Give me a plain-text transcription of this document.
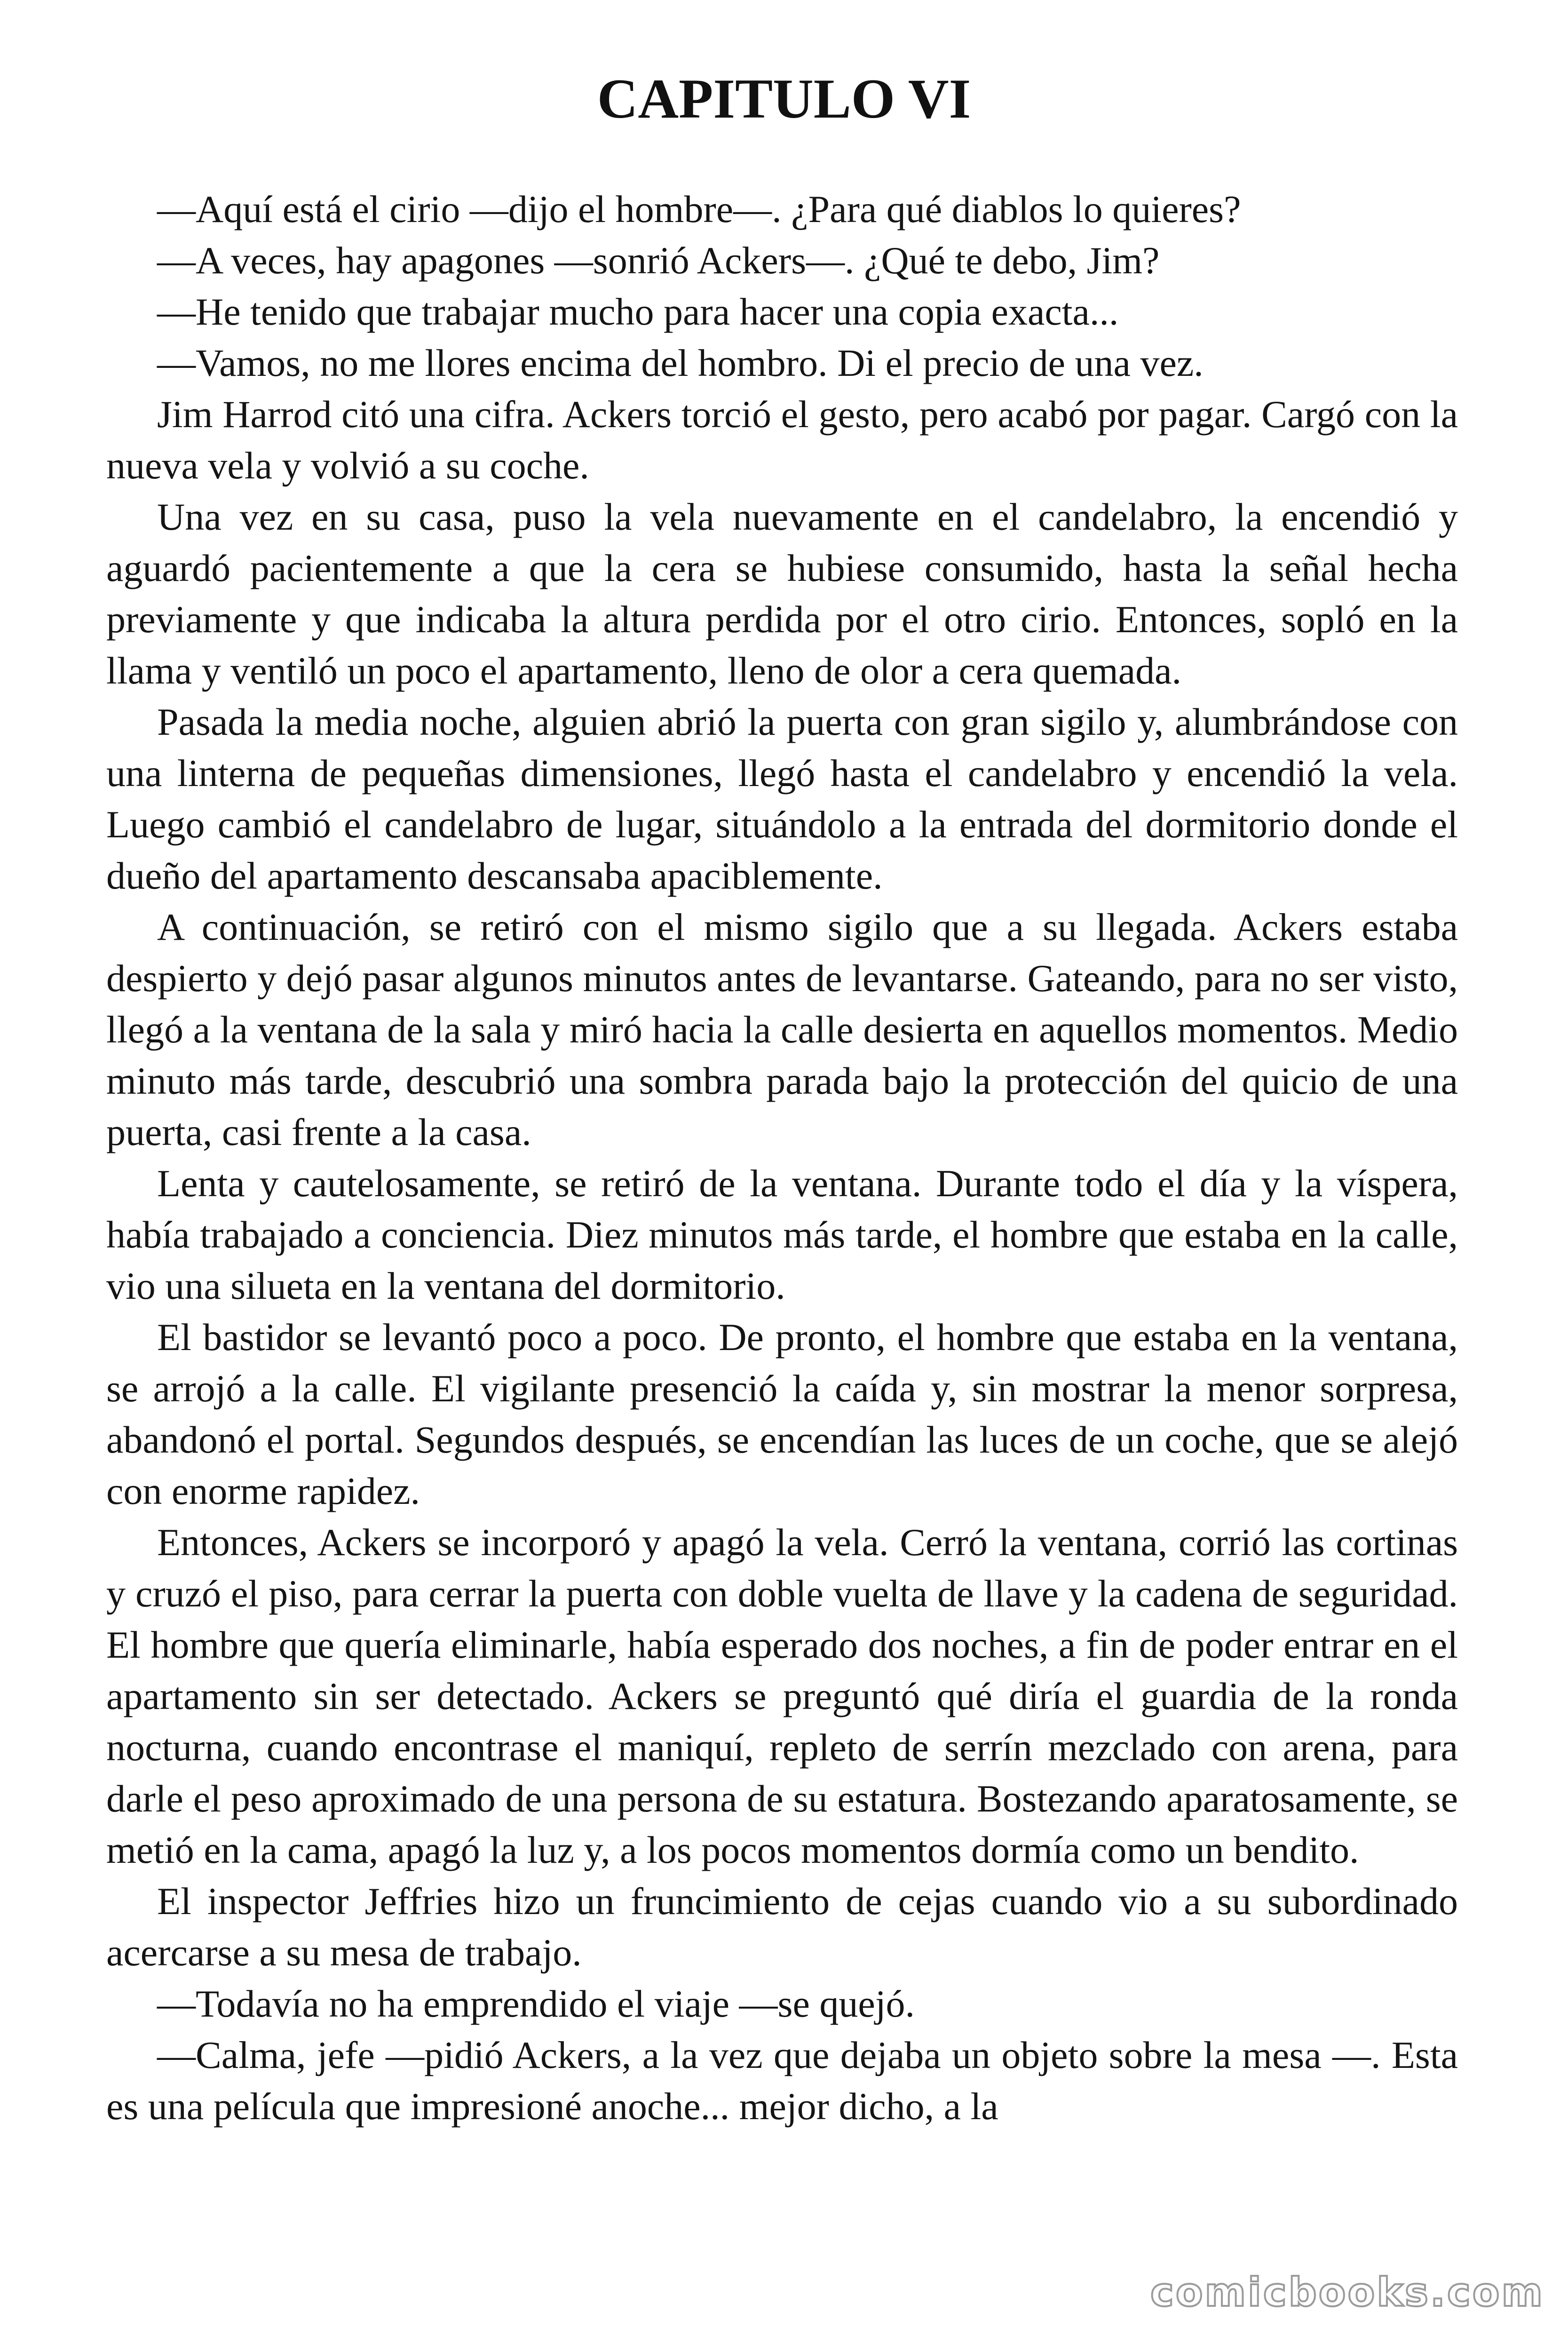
CAPITULO VI

—Aquí está el cirio —dijo el hombre—. ¿Para qué diablos lo quieres?

—A veces, hay apagones —sonrió Ackers—. ¿Qué te debo, Jim?

—He tenido que trabajar mucho para hacer una copia exacta...

—Vamos, no me llores encima del hombro. Di el precio de una vez.

Jim Harrod citó una cifra. Ackers torció el gesto, pero acabó por pagar. Cargó con la nueva vela y volvió a su coche.

Una vez en su casa, puso la vela nuevamente en el candelabro, la encendió y aguardó pacientemente a que la cera se hubiese consumido, hasta la señal hecha previamente y que indicaba la altura perdida por el otro cirio. Entonces, sopló en la llama y ventiló un poco el apartamento, lleno de olor a cera quemada.

Pasada la media noche, alguien abrió la puerta con gran sigilo y, alumbrándose con una linterna de pequeñas dimensiones, llegó hasta el candelabro y encendió la vela. Luego cambió el candelabro de lugar, situándolo a la entrada del dormitorio donde el dueño del apartamento descansaba apaciblemente.

A continuación, se retiró con el mismo sigilo que a su llegada. Ackers estaba despierto y dejó pasar algunos minutos antes de levantarse. Gateando, para no ser visto, llegó a la ventana de la sala y miró hacia la calle desierta en aquellos momentos. Medio minuto más tarde, descubrió una sombra parada bajo la protección del quicio de una puerta, casi frente a la casa.

Lenta y cautelosamente, se retiró de la ventana. Durante todo el día y la víspera, había trabajado a conciencia. Diez minutos más tarde, el hombre que estaba en la calle, vio una silueta en la ventana del dormitorio.

El bastidor se levantó poco a poco. De pronto, el hombre que estaba en la ventana, se arrojó a la calle. El vigilante presenció la caída y, sin mostrar la menor sorpresa, abandonó el portal. Segundos después, se encendían las luces de un coche, que se alejó con enorme rapidez.

Entonces, Ackers se incorporó y apagó la vela. Cerró la ventana, corrió las cortinas y cruzó el piso, para cerrar la puerta con doble vuelta de llave y la cadena de seguridad. El hombre que quería eliminarle, había esperado dos noches, a fin de poder entrar en el apartamento sin ser detectado. Ackers se preguntó qué diría el guardia de la ronda nocturna, cuando encontrase el maniquí, repleto de serrín mezclado con arena, para darle el peso aproximado de una persona de su estatura. Bostezando aparatosamente, se metió en la cama, apagó la luz y, a los pocos momentos dormía como un bendito.

El inspector Jeffries hizo un fruncimiento de cejas cuando vio a su subordinado acercarse a su mesa de trabajo.

—Todavía no ha emprendido el viaje —se quejó.

—Calma, jefe —pidió Ackers, a la vez que dejaba un objeto sobre la mesa —. Esta es una película que impresioné anoche... mejor dicho, a la

comicbooks.com
